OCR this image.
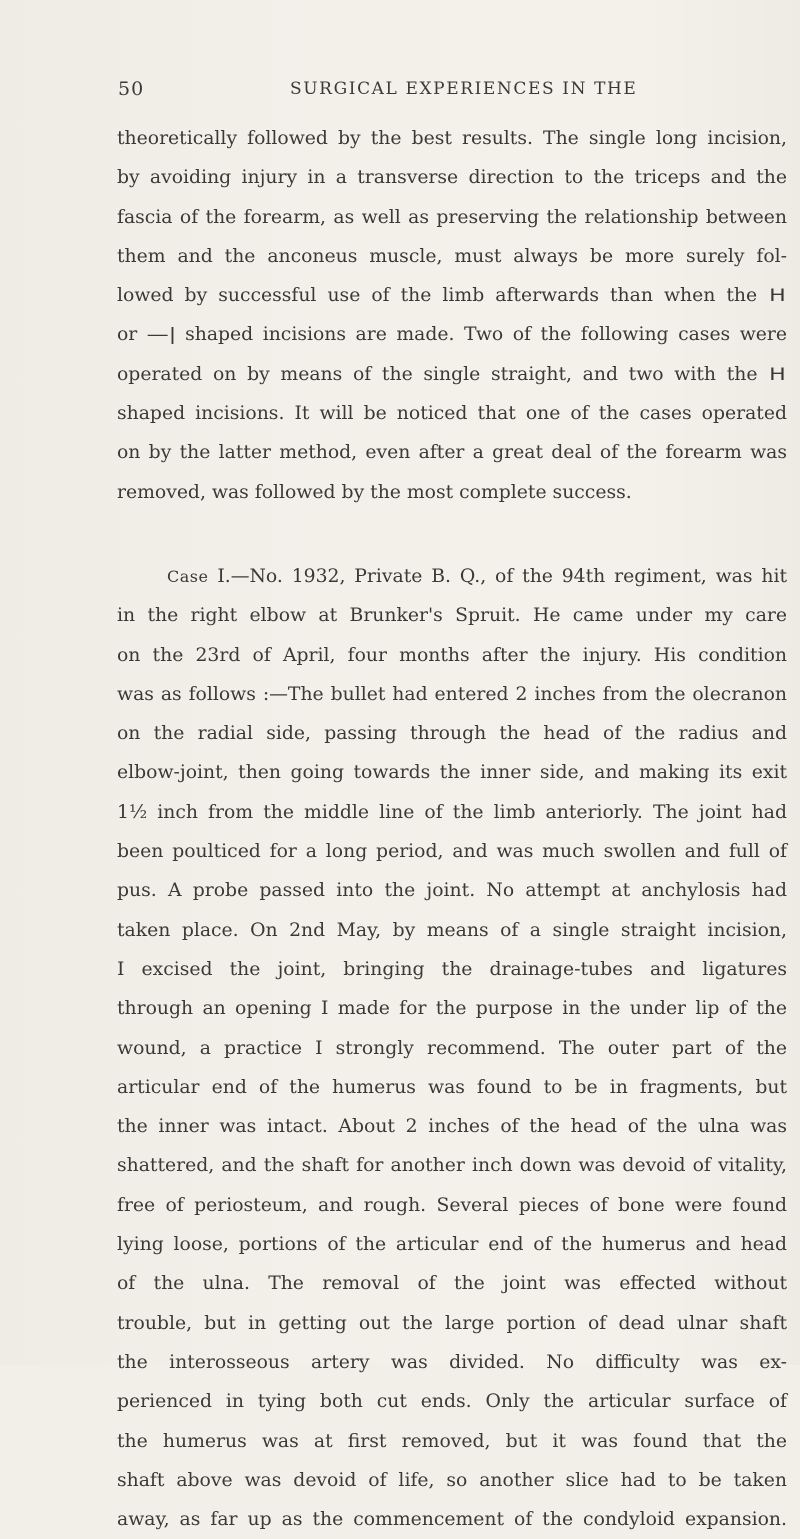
50	SURGICAL EXPERIENCES IN THE
theoretically followed by the best results. The single long incision,
by avoiding injury in a transverse direction to the triceps and the
fascia of the forearm, as well as preserving the relationship between
them and the anconeus muscle, must always be more surely fol-
lowed by successful use of the limb afterwards than when the H
or —| shaped incisions are made. Two of the following cases were
operated on by means of the single straight, and two with the H
shaped incisions. It will be noticed that one of the cases operated
on by the latter method, even after a great deal of the forearm was
removed, was followed by the most complete success.
Case I.—No. 1932, Private B. Q., of the 94th regiment, was hit
in the right elbow at Brunker's Spruit. He came under my care
on the 23rd of April, four months after the injury. His condition
was as follows :—The bullet had entered 2 inches from the olecranon
on the radial side, passing through the head of the radius and
elbow-joint, then going towards the inner side, and making its exit
1½ inch from the middle line of the limb anteriorly. The joint had
been poulticed for a long period, and was much swollen and full of
pus. A probe passed into the joint. No attempt at anchylosis had
taken place. On 2nd May, by means of a single straight incision,
I excised the joint, bringing the drainage-tubes and ligatures
through an opening I made for the purpose in the under lip of the
wound, a practice I strongly recommend. The outer part of the
articular end of the humerus was found to be in fragments, but
the inner was intact. About 2 inches of the head of the ulna was
shattered, and the shaft for another inch down was devoid of vitality,
free of periosteum, and rough. Several pieces of bone were found
lying loose, portions of the articular end of the humerus and head
of the ulna. The removal of the joint was effected without
trouble, but in getting out the large portion of dead ulnar shaft
the interosseous artery was divided. No difficulty was ex-
perienced in tying both cut ends. Only the articular surface of
the humerus was at first removed, but it was found that the
shaft above was devoid of life, so another slice had to be taken
away, as far up as the commencement of the condyloid expansion.
